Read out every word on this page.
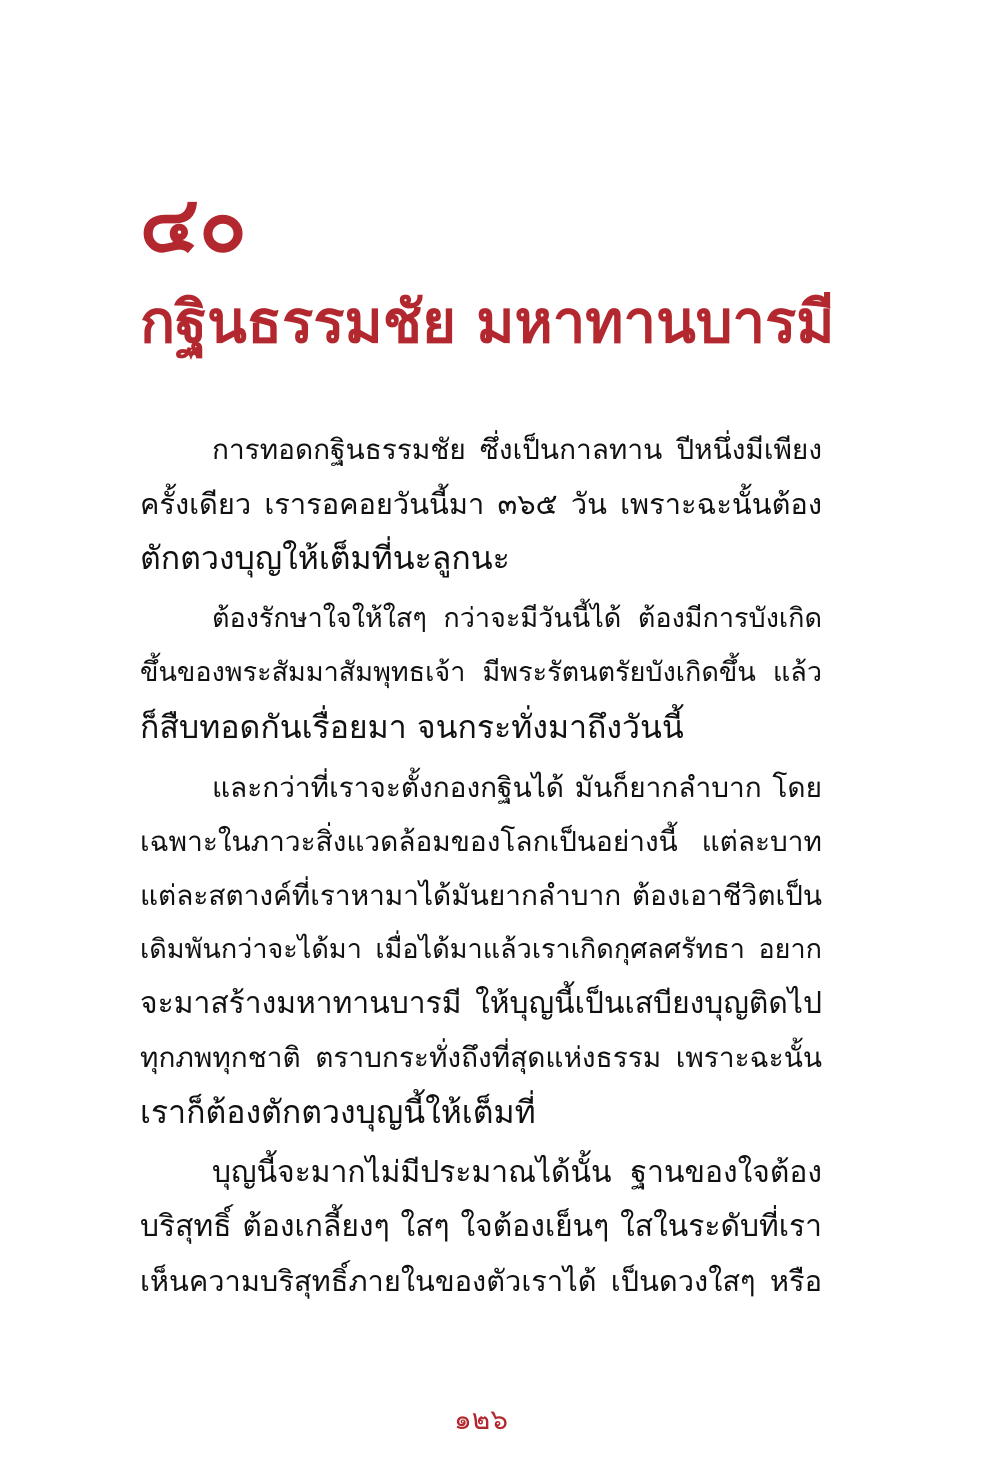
๔๐
กฐินธรรมชัย มหาทานบารมี
การทอดกฐินธรรมชัย ซึ่งเป็นกาลทาน ปีหนึ่งมีเพียง
ครั้งเดียว เรารอคอยวันนี้มา ๓๖๕ วัน เพราะฉะนั้นต้อง
ตักตวงบุญให้เต็มที่นะลูกนะ
ต้องรักษาใจให้ใสๆ กว่าจะมีวันนี้ได้ ต้องมีการบังเกิด
ขึ้นของพระสัมมาสัมพุทธเจ้า มีพระรัตนตรัยบังเกิดขึ้น แล้ว
ก็สืบทอดกันเรื่อยมา จนกระทั่งมาถึงวันนี้
และกว่าที่เราจะตั้งกองกฐินได้ มันก็ยากลำบาก โดย
เฉพาะในภาวะสิ่งแวดล้อมของโลกเป็นอย่างนี้ แต่ละบาท
แต่ละสตางค์ที่เราหามาได้มันยากลำบาก ต้องเอาชีวิตเป็น
เดิมพันกว่าจะได้มา เมื่อได้มาแล้วเราเกิดกุศลศรัทธา อยาก
จะมาสร้างมหาทานบารมี ให้บุญนี้เป็นเสบียงบุญติดไป
ทุกภพทุกชาติ ตราบกระทั่งถึงที่สุดแห่งธรรม เพราะฉะนั้น
เราก็ต้องตักตวงบุญนี้ให้เต็มที่
บุญนี้จะมากไม่มีประมาณได้นั้น ฐานของใจต้อง
บริสุทธิ์ ต้องเกลี้ยงๆ ใสๆ ใจต้องเย็นๆ ใสในระดับที่เรา
เห็นความบริสุทธิ์ภายในของตัวเราได้ เป็นดวงใสๆ หรือ
๑๒๖
